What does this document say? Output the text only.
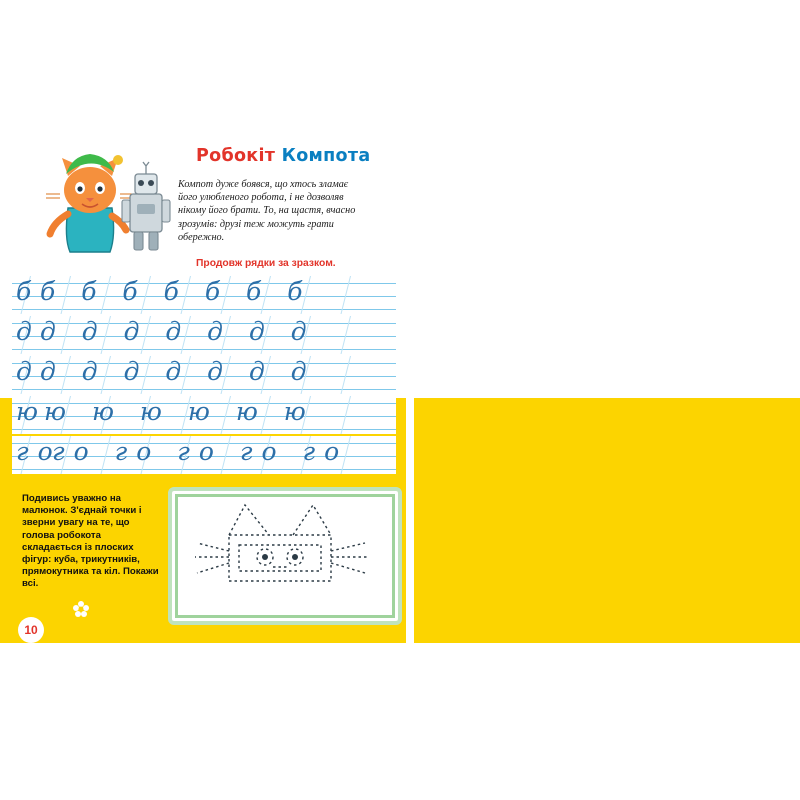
Робокіт Компота
Компот дуже боявся, що хтось зламає його улюбленого робота, і не дозволяв нікому його брати. То, на щастя, вчасно зрозумів: друзі теж можуть грати обережно.
Продовж рядки за зразком.
б б б б б б б б
д д д д д д д д
д д д д д д д д
ю
ю ю ю ю ю ю
го
го го го го го
Подивись уважно на малюнок. З'єднай точки і зверни увагу на те, що голова робокота складається із плоских фігур: куба, трикутників, прямокутника та кіл. Покажи всі.
10
